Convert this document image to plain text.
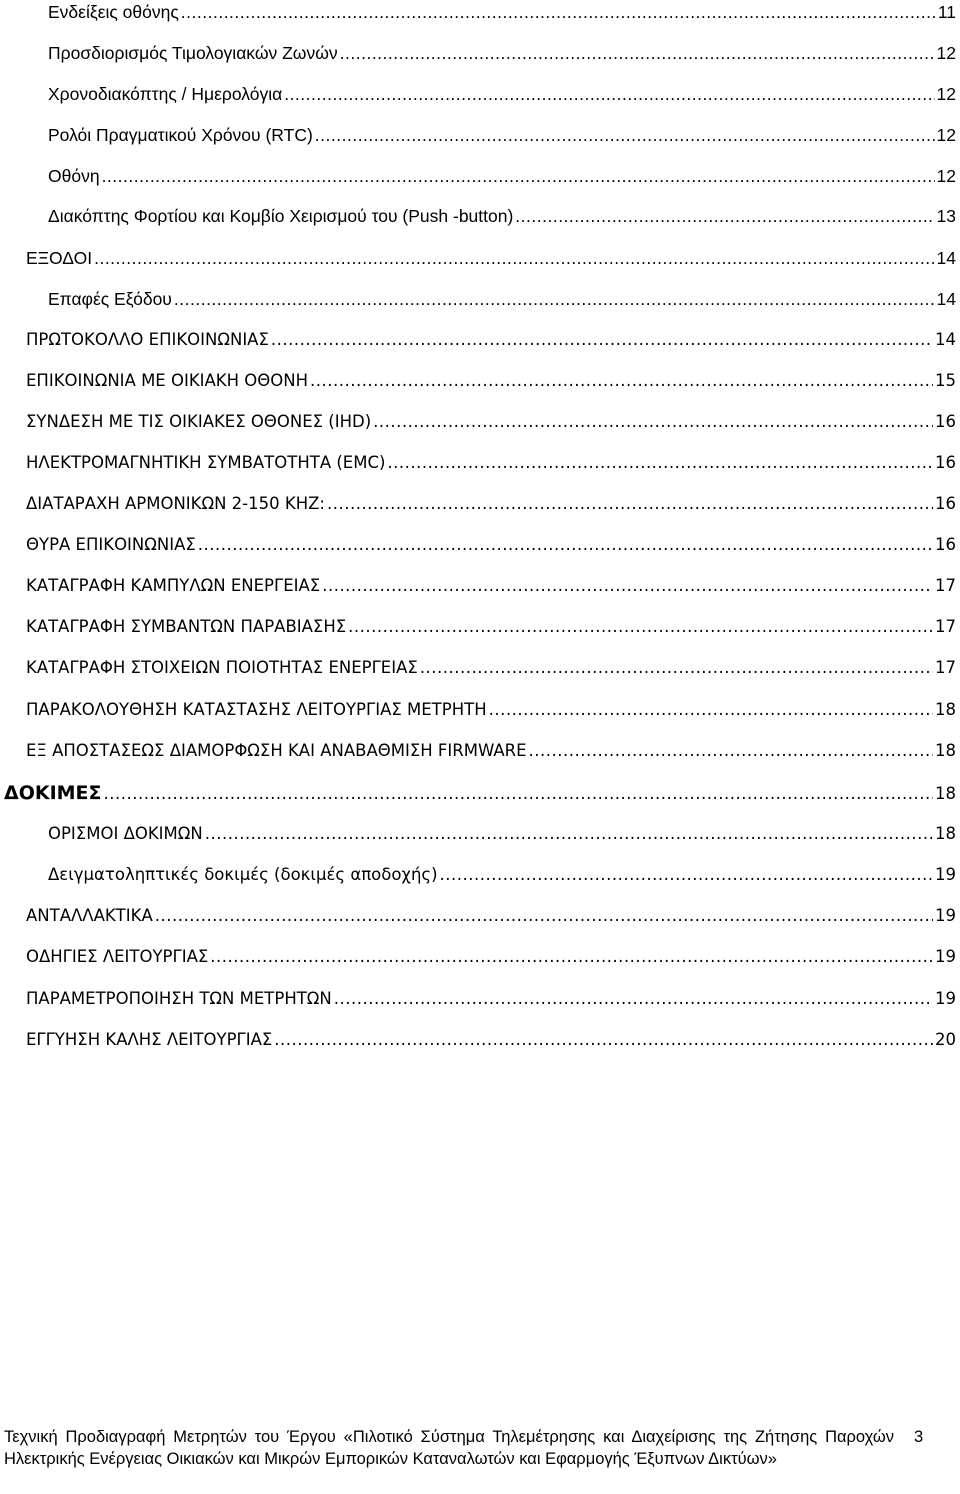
Ενδείξεις οθόνης .....	11
Προσδιορισμός Τιμολογιακών Ζωνών .....	12
Χρονοδιακόπτης / Ημερολόγια .....	12
Ρολόι Πραγματικού Χρόνου (RTC) .....	12
Οθόνη .....	12
Διακόπτης Φορτίου και Κομβίο Χειρισμού του (Push -button) .....	13
ΕΞΟΔΟΙ .....	14
Επαφές Εξόδου .....	14
ΠΡΩΤΟΚΟΛΛΟ ΕΠΙΚΟΙΝΩΝΙΑΣ .....	14
ΕΠΙΚΟΙΝΩΝΙΑ ΜΕ ΟΙΚΙΑΚΗ ΟΘΟΝΗ .....	15
ΣΥΝΔΕΣΗ ΜΕ ΤΙΣ ΟΙΚΙΑΚΕΣ ΟΘΟΝΕΣ (IHD) .....	16
ΗΛΕΚΤΡΟΜΑΓΝΗΤΙΚΗ ΣΥΜΒΑΤΟΤΗΤΑ (EMC) .....	16
ΔΙΑΤΑΡΑΧΗ ΑΡΜΟΝΙΚΩΝ 2-150 KHZ: .....	16
ΘΥΡΑ ΕΠΙΚΟΙΝΩΝΙΑΣ .....	16
ΚΑΤΑΓΡΑΦΗ ΚΑΜΠΥΛΩΝ ΕΝΕΡΓΕΙΑΣ .....	17
ΚΑΤΑΓΡΑΦΗ ΣΥΜΒΑΝΤΩΝ ΠΑΡΑΒΙΑΣΗΣ .....	17
ΚΑΤΑΓΡΑΦΗ ΣΤΟΙΧΕΙΩΝ ΠΟΙΟΤΗΤΑΣ ΕΝΕΡΓΕΙΑΣ .....	17
ΠΑΡΑΚΟΛΟΥΘΗΣΗ ΚΑΤΑΣΤΑΣΗΣ ΛΕΙΤΟΥΡΓΙΑΣ ΜΕΤΡΗΤΗ .....	18
ΕΞ ΑΠΟΣΤΑΣΕΩΣ ΔΙΑΜΟΡΦΩΣΗ ΚΑΙ ΑΝΑΒΑΘΜΙΣΗ FIRMWARE .....	18
ΔΟΚΙΜΕΣ .....	18
ΟΡΙΣΜΟΙ ΔΟΚΙΜΩΝ .....	18
Δειγματοληπτικές δοκιμές (δοκιμές αποδοχής) .....	19
ΑΝΤΑΛΛΑΚΤΙΚΑ .....	19
ΟΔΗΓΙΕΣ ΛΕΙΤΟΥΡΓΙΑΣ .....	19
ΠΑΡΑΜΕΤΡΟΠΟΙΗΣΗ ΤΩΝ ΜΕΤΡΗΤΩΝ .....	19
ΕΓΓΥΗΣΗ ΚΑΛΗΣ ΛΕΙΤΟΥΡΓΙΑΣ .....	20
Τεχνική Προδιαγραφή Μετρητών του Έργου «Πιλοτικό Σύστημα Τηλεμέτρησης και Διαχείρισης της Ζήτησης Παροχών Ηλεκτρικής Ενέργειας Οικιακών και Μικρών Εμπορικών Καταναλωτών και Εφαρμογής Έξυπνων Δικτύων»
3
